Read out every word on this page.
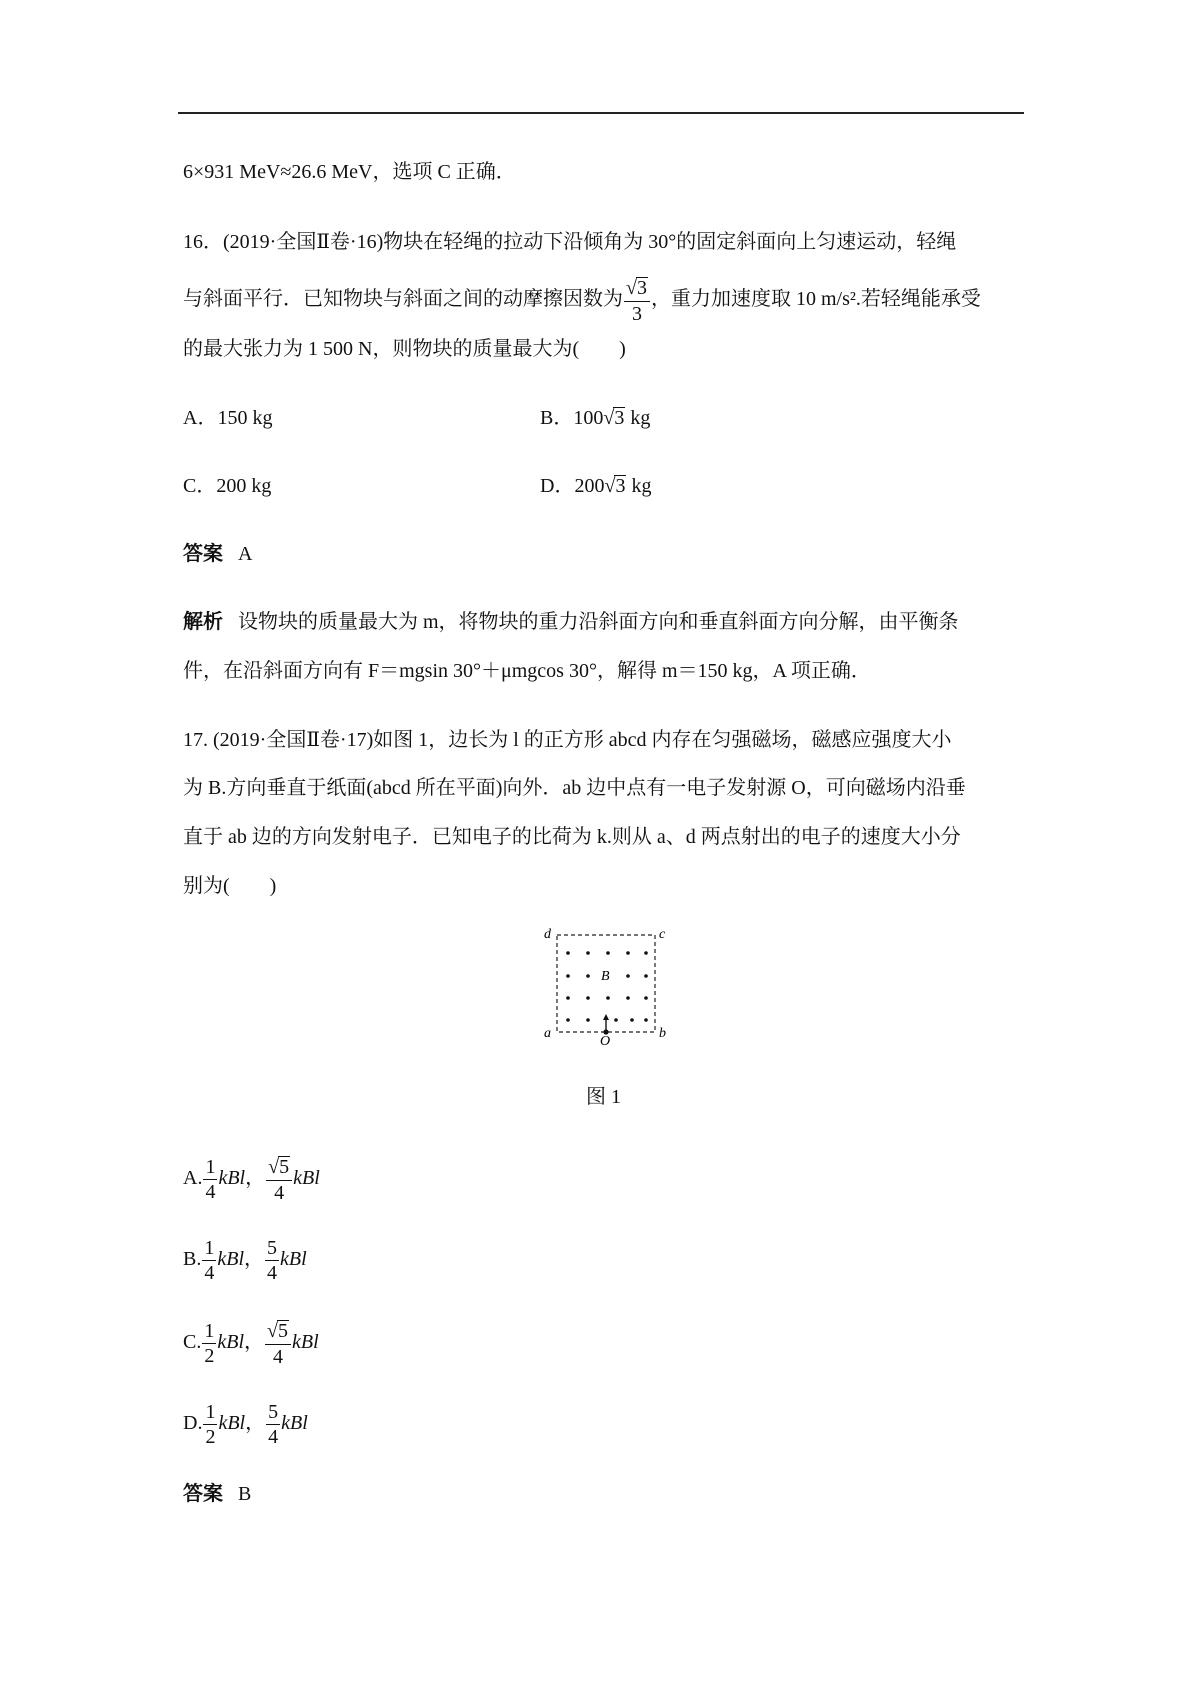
6×931 MeV≈26.6 MeV，选项 C 正确．
16．(2019·全国Ⅱ卷·16)物块在轻绳的拉动下沿倾角为 30°的固定斜面向上匀速运动，轻绳
与斜面平行．已知物块与斜面之间的动摩擦因数为 $\frac{√3}{3}$ ，重力加速度取 10 m/s².若轻绳能承受
的最大张力为 1 500 N，则物块的质量最大为(　　)
A．150 kg	B．100√3 kg
C．200 kg	D．200√3 kg
答案 A
解析 设物块的质量最大为 m，将物块的重力沿斜面方向和垂直斜面方向分解，由平衡条
件，在沿斜面方向有 F＝mgsin 30°＋μmgcos 30°，解得 m＝150 kg，A 项正确．
17. (2019·全国Ⅱ卷·17)如图 1，边长为 l 的正方形 abcd 内存在匀强磁场，磁感应强度大小
为 B.方向垂直于纸面(abcd 所在平面)向外．ab 边中点有一电子发射源 O，可向磁场内沿垂
直于 ab 边的方向发射电子．已知电子的比荷为 k.则从 a、d 两点射出的电子的速度大小分
别为(　　)
B
d	c
a	b
O
图 1
A. $\frac{1}{4}$ kBl， $\frac{√5}{4}$ kBl
B. $\frac{1}{4}$ kBl， $\frac{5}{4}$ kBl
C. $\frac{1}{2}$ kBl， $\frac{√5}{4}$ kBl
D. $\frac{1}{2}$ kBl， $\frac{5}{4}$ kBl
答案 B
